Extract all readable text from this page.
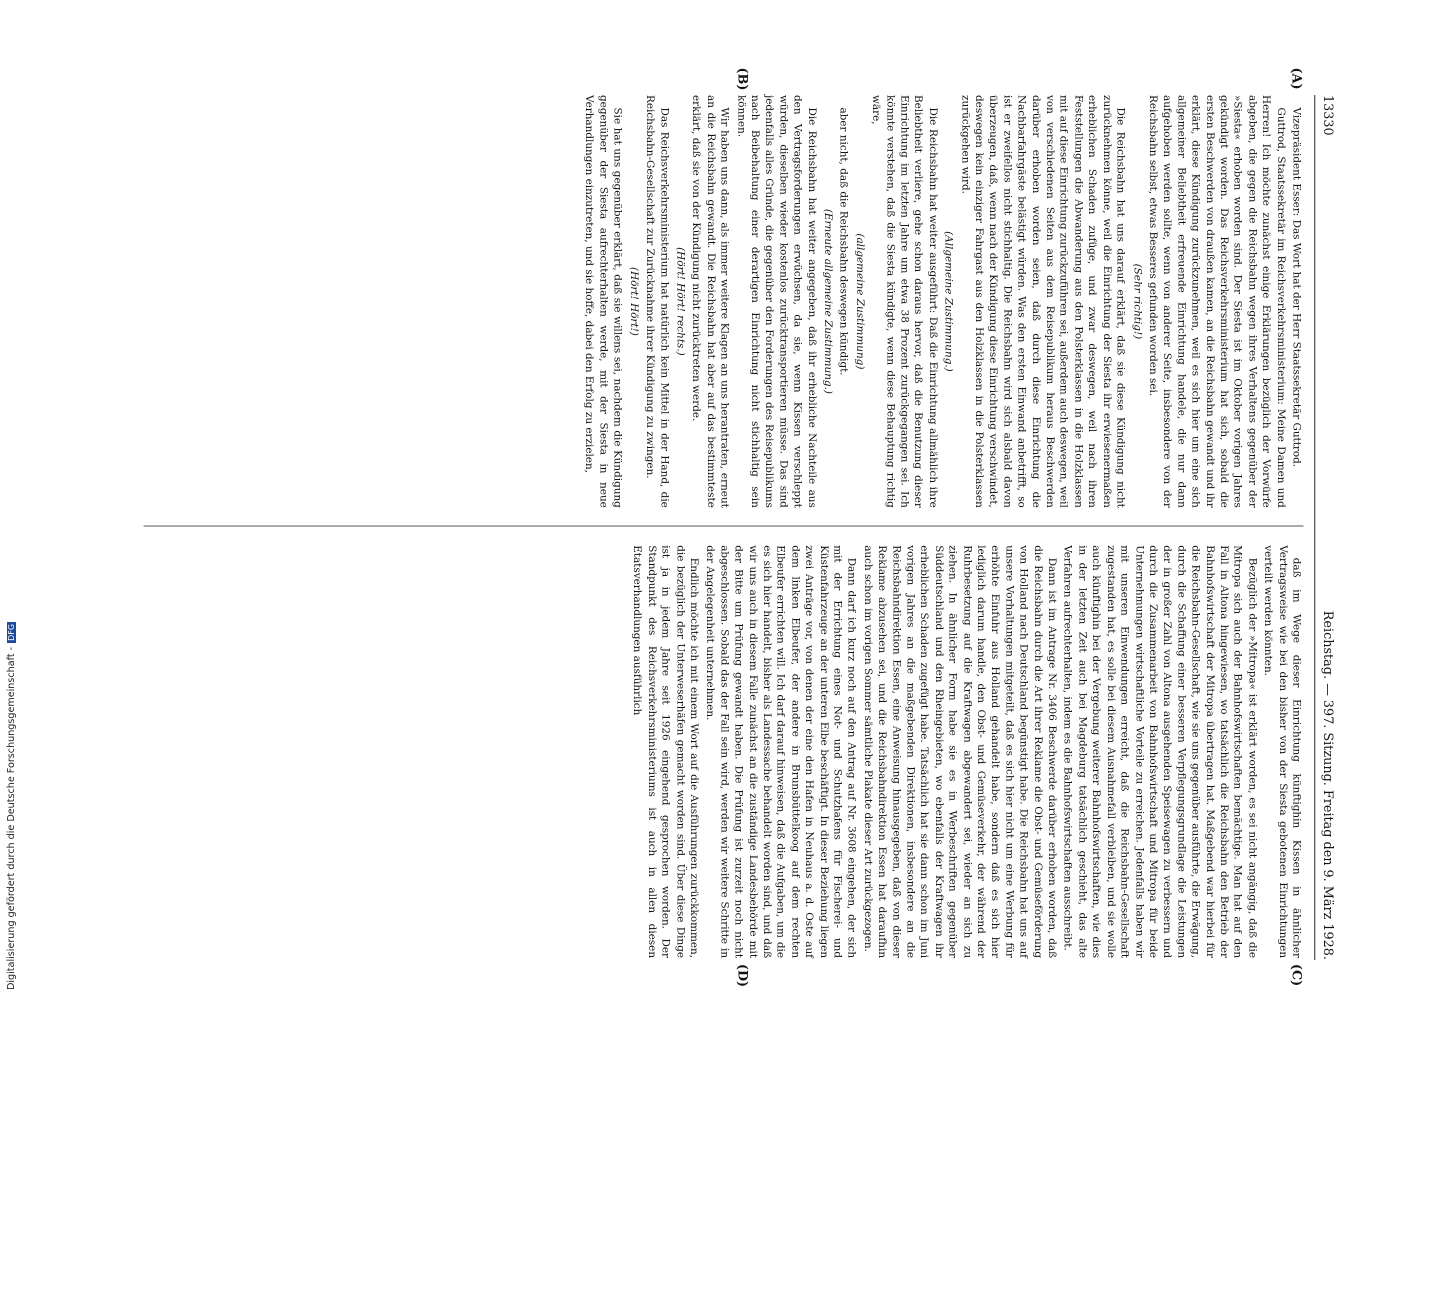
13330
Reichstag. — 397. Sitzung. Freitag den 9. März 1928.
(A)
(B)
(C)
(D)

Vizepräsident Esser: Das Wort hat der Herr Staatssekretär Guttrod.

Guttrod, Staatssekretär im Reichsverkehrsministerium: Meine Damen und Herren! Ich möchte zunächst einige Erklärungen bezüglich der Vorwürfe abgeben, die gegen die Reichsbahn wegen ihres Verhaltens gegenüber der »Siesta« erhoben worden sind. Der Siesta ist im Oktober vorigen Jahres gekündigt worden. Das Reichsverkehrsministerium hat sich, sobald die ersten Beschwerden von draußen kamen, an die Reichsbahn gewandt und ihr erklärt, diese Kündigung zurückzunehmen, weil es sich hier um eine sich allgemeiner Beliebtheit erfreuende Einrichtung handele, die nur dann aufgehoben werden sollte, wenn von anderer Seite, insbesondere von der Reichsbahn selbst, etwas Besseres gefunden worden sei.

(Sehr richtig!)

Die Reichsbahn hat uns darauf erklärt, daß sie diese Kündigung nicht zurücknehmen könne, weil die Einrichtung der Siesta ihr erwiesenermaßen erheblichen Schaden zufüge, und zwar deswegen, weil nach ihren Feststellungen die Abwanderung aus den Polsterklassen in die Holzklassen mit auf diese Einrichtung zurückzuführen sei, außerdem auch deswegen, weil von verschiedenen Seiten aus dem Reisepublikum heraus Beschwerden darüber erhoben worden seien, daß durch diese Einrichtung die Nachbarfahrgäste belästigt würden. Was den ersten Einwand anbetrifft, so ist er zweifellos nicht stichhaltig. Die Reichsbahn wird sich alsbald davon überzeugen, daß, wenn nach der Kündigung diese Einrichtung verschwindet, deswegen kein einziger Fahrgast aus den Holzklassen in die Polsterklassen zurückgehen wird.

(Allgemeine Zustimmung.)

Die Reichsbahn hat weiter ausgeführt: Daß die Einrichtung allmählich ihre Beliebtheit verliere, gehe schon daraus hervor, daß die Benutzung dieser Einrichtung im letzten Jahre um etwa 38 Prozent zurückgegangen sei. Ich könnte verstehen, daß die Siesta kündigte, wenn diese Behauptung richtig wäre,

(allgemeine Zustimmung)

aber nicht, daß die Reichsbahn deswegen kündigt.

(Erneute allgemeine Zustimmung.)

Die Reichsbahn hat weiter angegeben, daß ihr erhebliche Nachteile aus den Vertragsforderungen erwüchsen, da sie, wenn Kissen verschleppt würden, dieselben wieder kostenlos zurücktransportieren müsse. Das sind jedenfalls alles Gründe, die gegenüber den Forderungen des Reisepublikums nach Beibehaltung einer derartigen Einrichtung nicht stichhaltig sein können.

Wir haben uns dann, als immer weitere Klagen an uns herantraten, erneut an die Reichsbahn gewandt. Die Reichsbahn hat aber auf das bestimmteste erklärt, daß sie von der Kündigung nicht zurücktreten werde.

(Hört! Hört! rechts.)

Das Reichsverkehrsministerium hat natürlich kein Mittel in der Hand, die Reichsbahn-Gesellschaft zur Zurücknahme ihrer Kündigung zu zwingen.

(Hört! Hört!)

Sie hat uns gegenüber erklärt, daß sie willens sei, nachdem die Kündigung gegenüber der Siesta aufrechterhalten werde, mit der Siesta in neue Verhandlungen einzutreten, und sie hoffe, dabei den Erfolg zu erzielen,

daß im Wege dieser Einrichtung künftighin Kissen in ähnlicher Vertragsweise wie bei den bisher von der Siesta gebotenen Einrichtungen verteilt werden könnten.

Bezüglich der »Mitropa« ist erklärt worden, es sei nicht angängig, daß die Mitropa sich auch der Bahnhofswirtschaften bemächtige. Man hat auf den Fall in Altona hingewiesen, wo tatsächlich die Reichsbahn den Betrieb der Bahnhofswirtschaft der Mitropa übertragen hat. Maßgebend war hierbei für die Reichsbahn-Gesellschaft, wie sie uns gegenüber ausführte, die Erwägung, durch die Schaffung einer besseren Verpflegungsgrundlage die Leistungen der in großer Zahl von Altona ausgehenden Speisewagen zu verbessern und durch die Zusammenarbeit von Bahnhofswirtschaft und Mitropa für beide Unternehmungen wirtschaftliche Vorteile zu erreichen. Jedenfalls haben wir mit unseren Einwendungen erreicht, daß die Reichsbahn-Gesellschaft zugestanden hat, es solle bei diesem Ausnahmefall verbleiben, und sie wolle auch künftighin bei der Vergebung weiterer Bahnhofswirtschaften, wie dies in der letzten Zeit auch bei Magdeburg tatsächlich geschieht, das alte Verfahren aufrechterhalten, indem es die Bahnhofswirtschaften ausschreibt.

Dann ist im Antrage Nr. 3406 Beschwerde darüber erhoben worden, daß die Reichsbahn durch die Art ihrer Reklame die Obst- und Gemüseförderung von Holland nach Deutschland begünstigt habe. Die Reichsbahn hat uns auf unsere Vorhaltungen mitgeteilt, daß es sich hier nicht um eine Werbung für erhöhte Einfuhr aus Holland gehandelt habe, sondern daß es sich hier lediglich darum handle, den Obst- und Gemüseverkehr, der während der Ruhrbesetzung auf die Kraftwagen abgewandert sei, wieder an sich zu ziehen. In ähnlicher Form habe sie es in Werbeschriften gegenüber Süddeutschland und den Rheingebieten, wo ebenfalls der Kraftwagen ihr erheblichen Schaden zugefügt habe. Tatsächlich hat sie dann schon im Juni vorigen Jahres an die maßgebenden Direktionen, insbesondere an die Reichsbahndirektion Essen, eine Anweisung hinausgegeben, daß von dieser Reklame abzusehen sei, und die Reichsbahndirektion Essen hat daraufhin auch schon im vorigen Sommer sämtliche Plakate dieser Art zurückgezogen.

Dann darf ich kurz noch auf den Antrag auf Nr. 3608 eingehen, der sich mit der Errichtung eines Not- und Schutzhafens für Fischerei- und Küstenfahrzeuge an der unteren Elbe beschäftigt. In dieser Beziehung liegen zwei Anträge vor, von denen der eine den Hafen in Neuhaus a. d. Oste auf dem linken Elbeufer, der andere in Brunsbüttelkoog auf dem rechten Elbeufer errichten will. Ich darf darauf hinweisen, daß die Aufgaben, um die es sich hier handelt, bisher als Landessache behandelt worden sind, und daß wir uns auch in diesem Falle zunächst an die zuständige Landesbehörde mit der Bitte um Prüfung gewandt haben. Die Prüfung ist zurzeit noch nicht abgeschlossen. Sobald das der Fall sein wird, werden wir weitere Schritte in der Angelegenheit unternehmen.

Endlich möchte ich mit einem Wort auf die Ausführungen zurückkommen, die bezüglich der Unterweserhäfen gemacht worden sind. Über diese Dinge ist ja in jedem Jahre seit 1926 eingehend gesprochen worden. Der Standpunkt des Reichsverkehrsministeriums ist auch in allen diesen Etatsverhandlungen ausführlich

Digitalisierung gefördert durch die Deutsche Forschungsgemeinschaft -DFG
